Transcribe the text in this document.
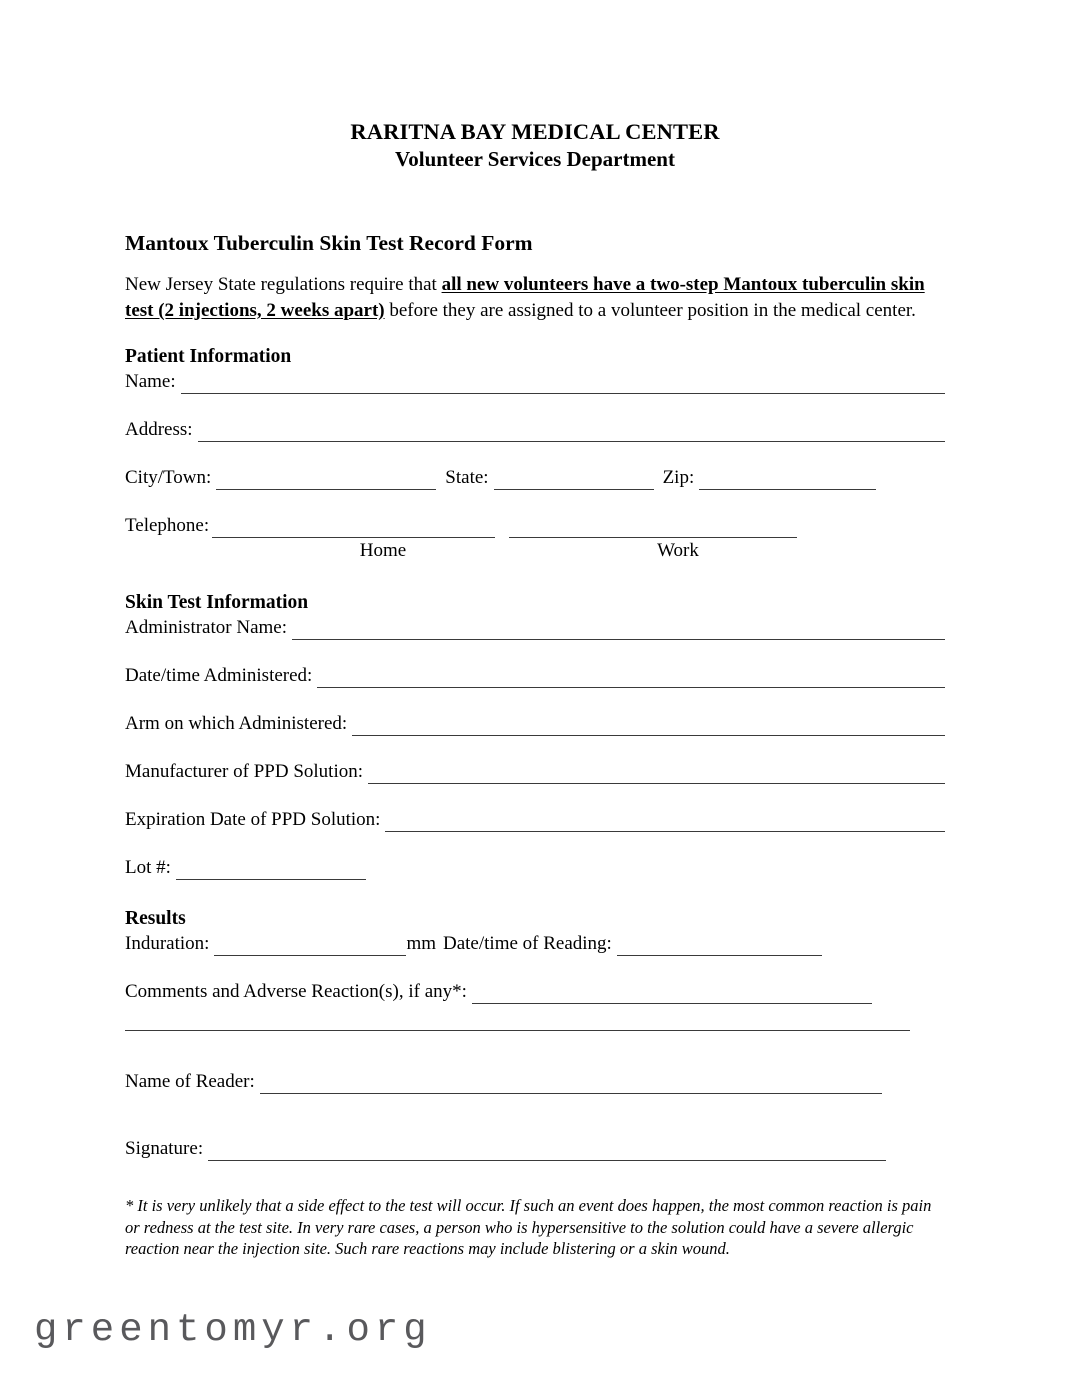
RARITNA BAY MEDICAL CENTER
Volunteer Services Department
Mantoux Tuberculin Skin Test Record Form

New Jersey State regulations require that all new volunteers have a two-step Mantoux tuberculin skin test (2 injections, 2 weeks apart) before they are assigned to a volunteer position in the medical center.

Patient Information
Name:
Address:
City/Town:	State:	Zip:
Telephone:
Home	Work
Skin Test Information
Administrator Name:
Date/time Administered:
Arm on which Administered:
Manufacturer of PPD Solution:
Expiration Date of PPD Solution:
Lot #:
Results
Induration:	mm Date/time of Reading:
Comments and Adverse Reaction(s), if any*:
Name of Reader:
Signature:
* It is very unlikely that a side effect to the test will occur. If such an event does happen, the most common reaction is pain or redness at the test site. In very rare cases, a person who is hypersensitive to the solution could have a severe allergic reaction near the injection site. Such rare reactions may include blistering or a skin wound.
greentomyr.org
